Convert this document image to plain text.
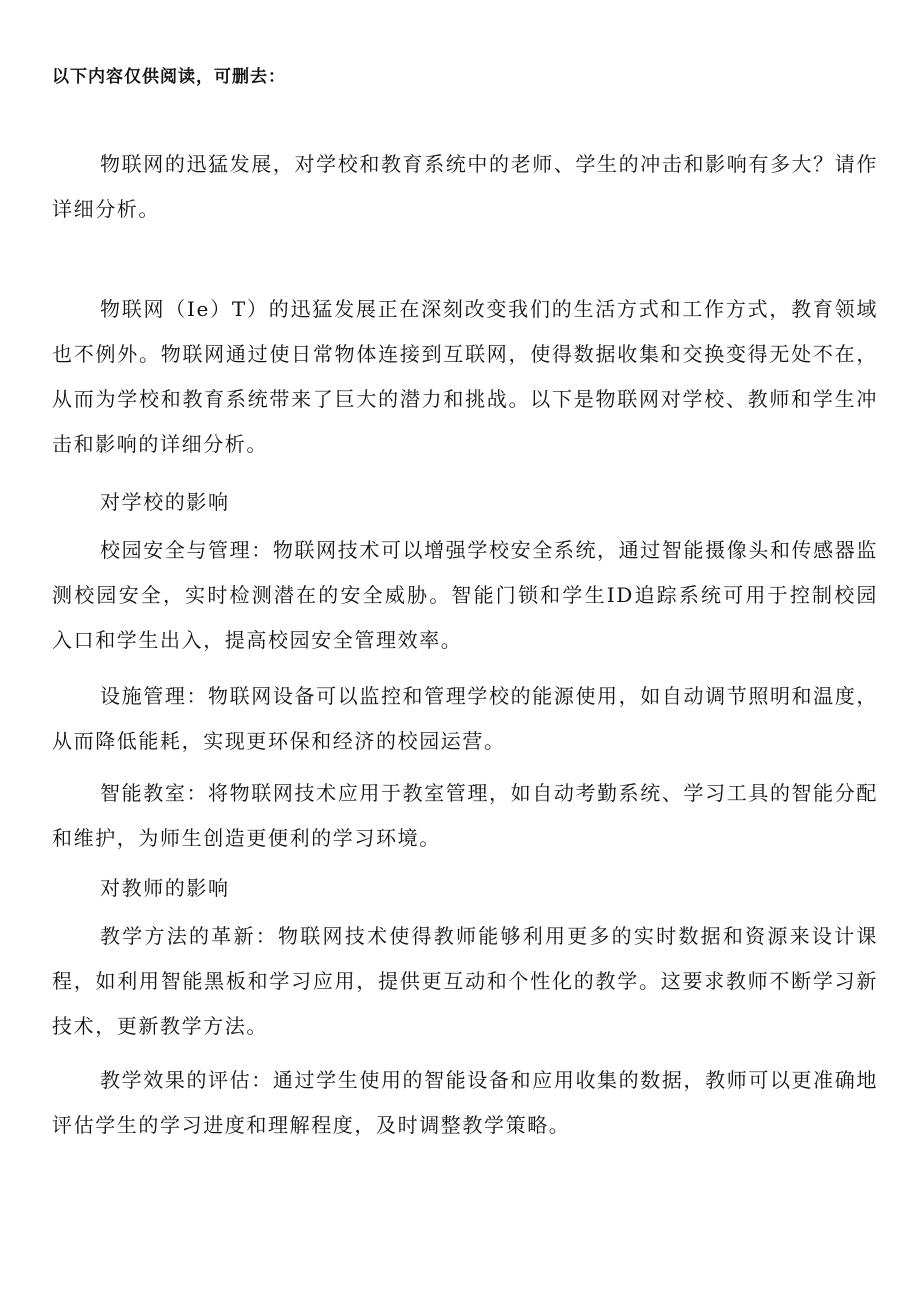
以下内容仅供阅读，可删去：

物联网的迅猛发展，对学校和教育系统中的老师、学生的冲击和影响有多大？请作详细分析。

物联网（Ie）T）的迅猛发展正在深刻改变我们的生活方式和工作方式，教育领域也不例外。物联网通过使日常物体连接到互联网，使得数据收集和交换变得无处不在，从而为学校和教育系统带来了巨大的潜力和挑战。以下是物联网对学校、教师和学生冲击和影响的详细分析。

对学校的影响

校园安全与管理：物联网技术可以增强学校安全系统，通过智能摄像头和传感器监测校园安全，实时检测潜在的安全威胁。智能门锁和学生ID追踪系统可用于控制校园入口和学生出入，提高校园安全管理效率。

设施管理：物联网设备可以监控和管理学校的能源使用，如自动调节照明和温度，从而降低能耗，实现更环保和经济的校园运营。

智能教室：将物联网技术应用于教室管理，如自动考勤系统、学习工具的智能分配和维护，为师生创造更便利的学习环境。

对教师的影响

教学方法的革新：物联网技术使得教师能够利用更多的实时数据和资源来设计课程，如利用智能黑板和学习应用，提供更互动和个性化的教学。这要求教师不断学习新技术，更新教学方法。

教学效果的评估：通过学生使用的智能设备和应用收集的数据，教师可以更准确地评估学生的学习进度和理解程度，及时调整教学策略。
